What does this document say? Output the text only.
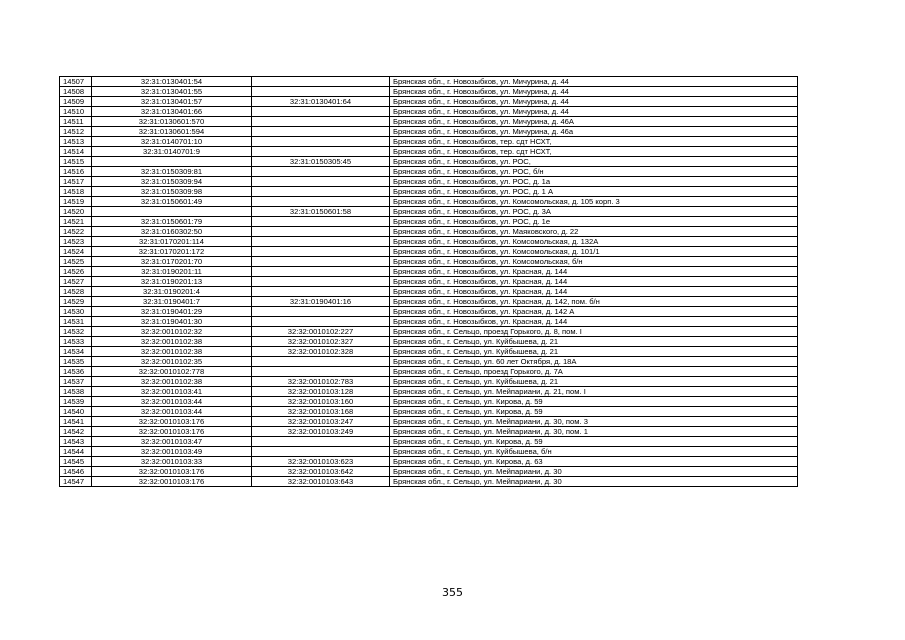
14507	32:31:0130401:54		Брянская обл., г. Новозыбков, ул. Мичурина, д. 44
14508	32:31:0130401:55		Брянская обл., г. Новозыбков, ул. Мичурина, д. 44
14509	32:31:0130401:57	32:31:0130401:64	Брянская обл., г. Новозыбков, ул. Мичурина, д. 44
14510	32:31:0130401:66		Брянская обл., г. Новозыбков, ул. Мичурина, д. 44
14511	32:31:0130601:570		Брянская обл., г. Новозыбков, ул. Мичурина, д. 46А
14512	32:31:0130601:594		Брянская обл., г. Новозыбков, ул. Мичурина, д. 46а
14513	32:31:0140701:10		Брянская обл., г. Новозыбков, тер. сдт НСХТ,
14514	32:31:0140701:9		Брянская обл., г. Новозыбков, тер. сдт НСХТ,
14515		32:31:0150305:45	Брянская обл., г. Новозыбков, ул. РОС,
14516	32:31:0150309:81		Брянская обл., г. Новозыбков, ул. РОС, б/н
14517	32:31:0150309:94		Брянская обл., г. Новозыбков, ул. РОС, д. 1а
14518	32:31:0150309:98		Брянская обл., г. Новозыбков, ул. РОС, д. 1 А
14519	32:31:0150601:49		Брянская обл., г. Новозыбков, ул. Комсомольская, д. 105 корп. 3
14520		32:31:0150601:58	Брянская обл., г. Новозыбков, ул. РОС, д. 3А
14521	32:31:0150601:79		Брянская обл., г. Новозыбков, ул. РОС, д. 1е
14522	32:31:0160302:50		Брянская обл., г. Новозыбков, ул. Маяковского, д. 22
14523	32:31:0170201:114		Брянская обл., г. Новозыбков, ул. Комсомольская, д. 132А
14524	32:31:0170201:172		Брянская обл., г. Новозыбков, ул. Комсомольская, д. 101/1
14525	32:31:0170201:70		Брянская обл., г. Новозыбков, ул. Комсомольская, б/н
14526	32:31:0190201:11		Брянская обл., г. Новозыбков, ул. Красная, д. 144
14527	32:31:0190201:13		Брянская обл., г. Новозыбков, ул. Красная, д. 144
14528	32:31:0190201:4		Брянская обл., г. Новозыбков, ул. Красная, д. 144
14529	32:31:0190401:7	32:31:0190401:16	Брянская обл., г. Новозыбков, ул. Красная, д. 142, пом. б/н
14530	32:31:0190401:29		Брянская обл., г. Новозыбков, ул. Красная, д. 142 А
14531	32:31:0190401:30		Брянская обл., г. Новозыбков, ул. Красная, д. 144
14532	32:32:0010102:32	32:32:0010102:227	Брянская обл., г. Сельцо, проезд Горького, д. 8, пом. I
14533	32:32:0010102:38	32:32:0010102:327	Брянская обл., г. Сельцо, ул. Куйбышева, д. 21
14534	32:32:0010102:38	32:32:0010102:328	Брянская обл., г. Сельцо, ул. Куйбышева, д. 21
14535	32:32:0010102:35		Брянская обл., г. Сельцо, ул. 60 лет Октября, д. 18А
14536	32:32:0010102:778		Брянская обл., г. Сельцо, проезд Горького, д. 7А
14537	32:32:0010102:38	32:32:0010102:783	Брянская обл., г. Сельцо, ул. Куйбышева, д. 21
14538	32:32:0010103:41	32:32:0010103:128	Брянская обл., г. Сельцо, ул. Мейпариани, д. 21, пом. I
14539	32:32:0010103:44	32:32:0010103:160	Брянская обл., г. Сельцо, ул. Кирова, д. 59
14540	32:32:0010103:44	32:32:0010103:168	Брянская обл., г. Сельцо, ул. Кирова, д. 59
14541	32:32:0010103:176	32:32:0010103:247	Брянская обл., г. Сельцо, ул. Мейпариани, д. 30, пом. 3
14542	32:32:0010103:176	32:32:0010103:249	Брянская обл., г. Сельцо, ул. Мейпариани, д. 30, пом. 1
14543	32:32:0010103:47		Брянская обл., г. Сельцо, ул. Кирова, д. 59
14544	32:32:0010103:49		Брянская обл., г. Сельцо, ул. Куйбышева, б/н
14545	32:32:0010103:33	32:32:0010103:623	Брянская обл., г. Сельцо, ул. Кирова, д. 63
14546	32:32:0010103:176	32:32:0010103:642	Брянская обл., г. Сельцо, ул. Мейпариани, д. 30
14547	32:32:0010103:176	32:32:0010103:643	Брянская обл., г. Сельцо, ул. Мейпариани, д. 30
355
